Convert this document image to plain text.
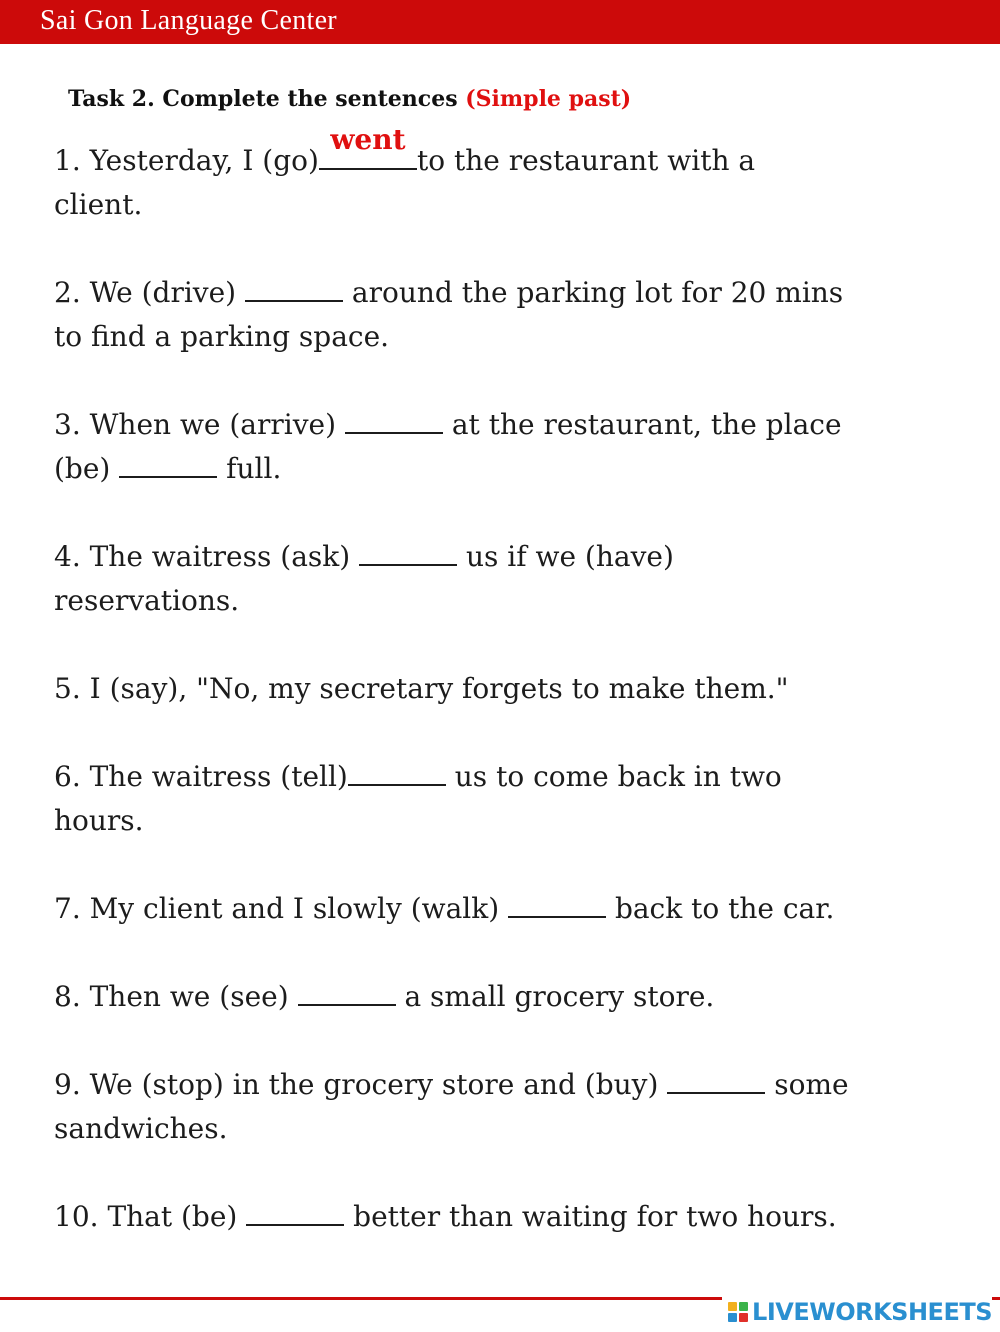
Sai Gon Language Center
Task 2. Complete the sentences (Simple past)
1. Yesterday, I (go)
went
to the restaurant with a
client.
2. We (drive)	around the parking lot for 20 mins
to find a parking space.
3. When we (arrive)	at the restaurant, the place
(be)	full.
4. The waitress (ask)	us if we (have)
reservations.
5. I (say), "No, my secretary forgets to make them."
6. The waitress (tell)	us to come back in two
hours.
7. My client and I slowly (walk)	back to the car.
8. Then we (see)	a small grocery store.
9. We (stop) in the grocery store and (buy)	some
sandwiches.
10. That (be)	better than waiting for two hours.
LIVEWORKSHEETS
